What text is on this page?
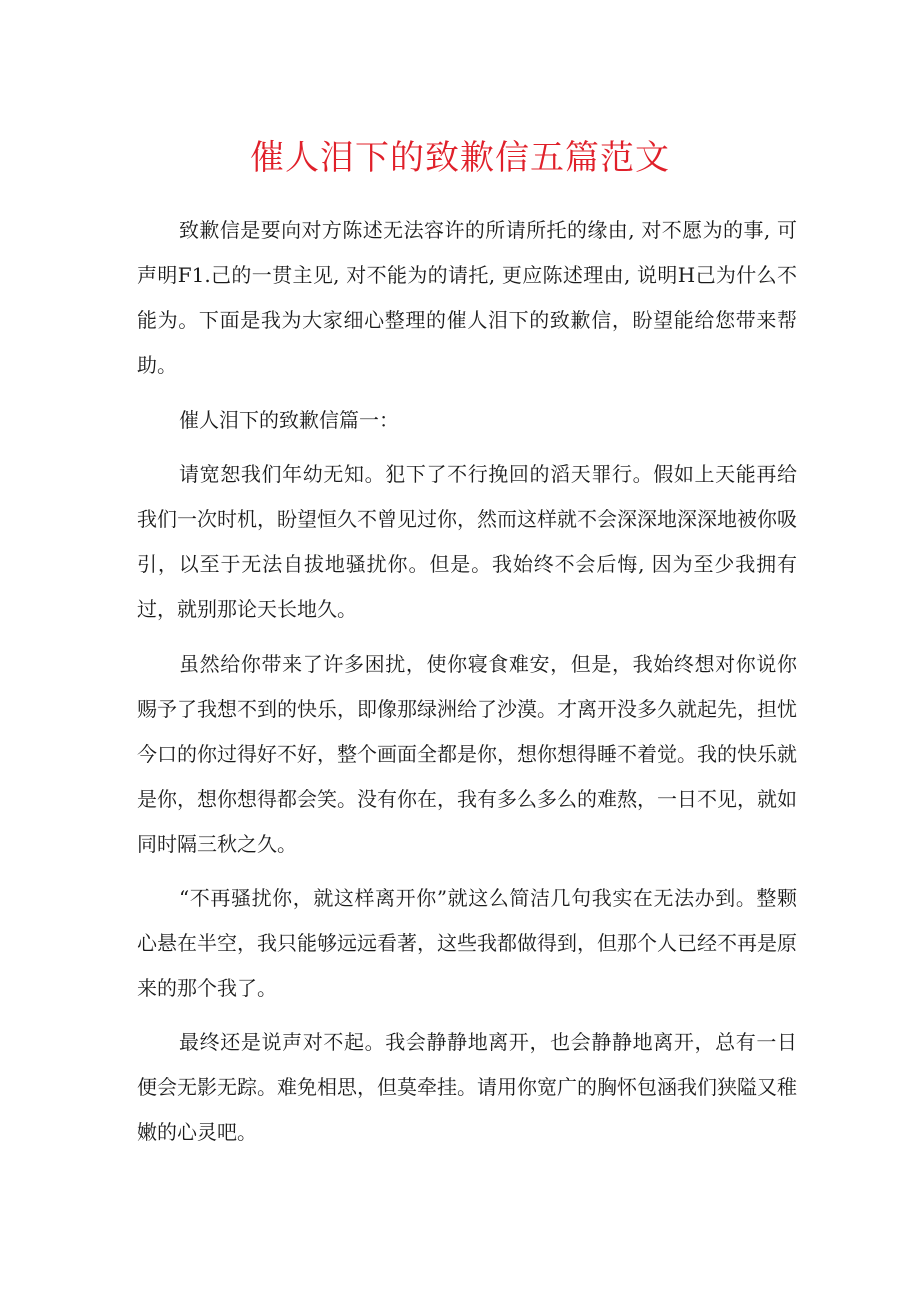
催人泪下的致歉信五篇范文

致歉信是要向对方陈述无法容许的所请所托的缘由, 对不愿为的事, 可声明F1.己的一贯主见, 对不能为的请托, 更应陈述理由, 说明H己为什么不能为。下面是我为大家细心整理的催人泪下的致歉信，盼望能给您带来帮助。

催人泪下的致歉信篇一：

请宽恕我们年幼无知。犯下了不行挽回的滔天罪行。假如上天能再给我们一次时机，盼望恒久不曾见过你，然而这样就不会深深地深深地被你吸引，以至于无法自拔地骚扰你。但是。我始终不会后悔, 因为至少我拥有过，就别那论天长地久。

虽然给你带来了许多困扰，使你寝食难安，但是，我始终想对你说你赐予了我想不到的快乐，即像那绿洲给了沙漠。才离开没多久就起先，担忧今口的你过得好不好，整个画面全都是你，想你想得睡不着觉。我的快乐就是你，想你想得都会笑。没有你在，我有多么多么的难熬，一日不见，就如同时隔三秋之久。

“不再骚扰你，就这样离开你”就这么简洁几句我实在无法办到。整颗心悬在半空，我只能够远远看著，这些我都做得到，但那个人已经不再是原来的那个我了。

最终还是说声对不起。我会静静地离开，也会静静地离开，总有一日便会无影无踪。难免相思，但莫牵挂。请用你宽广的胸怀包涵我们狭隘又稚嫩的心灵吧。
